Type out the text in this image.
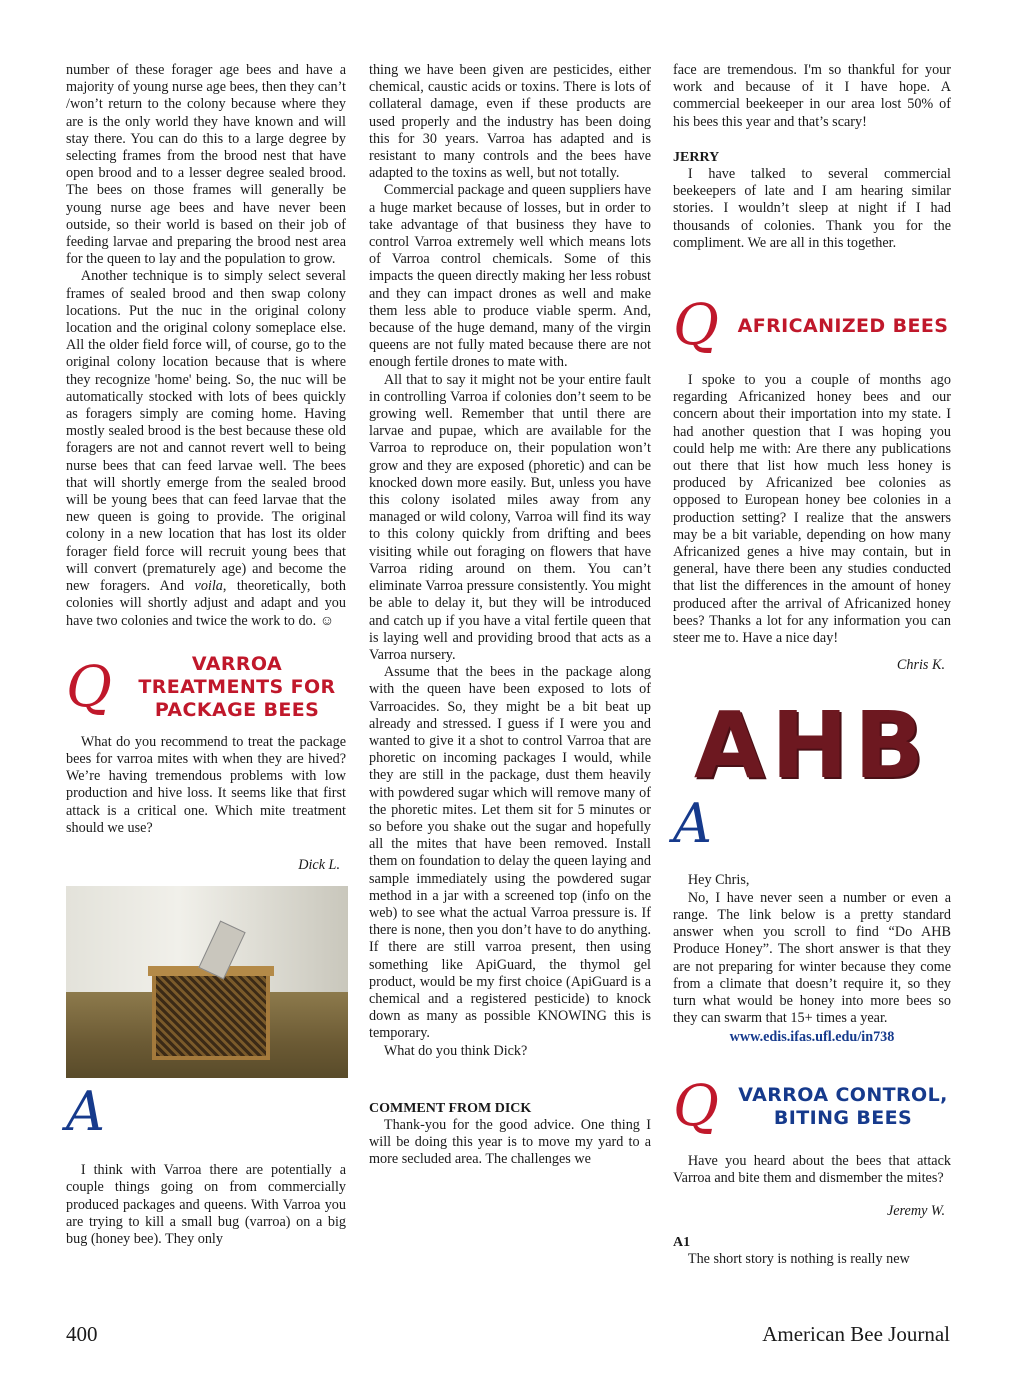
number of these forager age bees and have a majority of young nurse age bees, then they can’t /won’t return to the colony because where they are is the only world they have known and will stay there. You can do this to a large degree by selecting frames from the brood nest that have open brood and to a lesser degree sealed brood. The bees on those frames will generally be young nurse age bees and have never been outside, so their world is based on their job of feeding larvae and preparing the brood nest area for the queen to lay and the population to grow.

Another technique is to simply select several frames of sealed brood and then swap colony locations. Put the nuc in the original colony location and the original colony someplace else. All the older field force will, of course, go to the original colony location because that is where they recognize 'home' being. So, the nuc will be automatically stocked with lots of bees quickly as foragers simply are coming home. Having mostly sealed brood is the best because these old foragers are not and cannot revert well to being nurse bees that can feed larvae well. The bees that will shortly emerge from the sealed brood will be young bees that can feed larvae that the new queen is going to provide. The original colony in a new location that has lost its older forager field force will recruit young bees that will convert (prematurely age) and become the new foragers. And voila, theoretically, both colonies will shortly adjust and adapt and you have two colonies and twice the work to do. ☺

Q	VARROA TREATMENTS FOR PACKAGE BEES

What do you recommend to treat the package bees for varroa mites with when they are hived? We’re having tremendous problems with low production and hive loss. It seems like that first attack is a critical one. Which mite treatment should we use?

Dick L.
A

I think with Varroa there are potentially a couple things going on from commercially produced packages and queens. With Varroa you are trying to kill a small bug (varroa) on a big bug (honey bee). They only

thing we have been given are pesticides, either chemical, caustic acids or toxins. There is lots of collateral damage, even if these products are used properly and the industry has been doing this for 30 years. Varroa has adapted and is resistant to many controls and the bees have adapted to the toxins as well, but not totally.

Commercial package and queen suppliers have a huge market because of losses, but in order to take advantage of that business they have to control Varroa extremely well which means lots of Varroa control chemicals. Some of this impacts the queen directly making her less robust and they can impact drones as well and make them less able to produce viable sperm. And, because of the huge demand, many of the virgin queens are not fully mated because there are not enough fertile drones to mate with.

All that to say it might not be your entire fault in controlling Varroa if colonies don’t seem to be growing well. Remember that until there are larvae and pupae, which are available for the Varroa to reproduce on, their population won’t grow and they are exposed (phoretic) and can be knocked down more easily. But, unless you have this colony isolated miles away from any managed or wild colony, Varroa will find its way to this colony quickly from drifting and bees visiting while out foraging on flowers that have Varroa riding around on them. You can’t eliminate Varroa pressure consistently. You might be able to delay it, but they will be introduced and catch up if you have a vital fertile queen that is laying well and providing brood that acts as a Varroa nursery.

Assume that the bees in the package along with the queen have been exposed to lots of Varroacides. So, they might be a bit beat up already and stressed. I guess if I were you and wanted to give it a shot to control Varroa that are phoretic on incoming packages I would, while they are still in the package, dust them heavily with powdered sugar which will remove many of the phoretic mites. Let them sit for 5 minutes or so before you shake out the sugar and hopefully all the mites that have been removed. Install them on foundation to delay the queen laying and sample immediately using the powdered sugar method in a jar with a screened top (info on the web) to see what the actual Varroa pressure is. If there is none, then you don’t have to do anything. If there are still varroa present, then using something like ApiGuard, the thymol gel product, would be my first choice (ApiGuard is a chemical and a registered pesticide) to knock down as many as possible KNOWING this is temporary.

What do you think Dick?

COMMENT FROM DICK

Thank-you for the good advice. One thing I will be doing this year is to move my yard to a more secluded area. The challenges we

face are tremendous. I'm so thankful for your work and because of it I have hope. A commercial beekeeper in our area lost 50% of his bees this year and that’s scary!

JERRY

I have talked to several commercial beekeepers of late and I am hearing similar stories. I wouldn’t sleep at night if I had thousands of colonies. Thank you for the compliment. We are all in this together.

Q AFRICANIZED BEES

I spoke to you a couple of months ago regarding Africanized honey bees and our concern about their importation into my state. I had another question that I was hoping you could help me with: Are there any publications out there that list how much less honey is produced by Africanized bee colonies as opposed to European honey bee colonies in a production setting? I realize that the answers may be a bit variable, depending on how many Africanized genes a hive may contain, but in general, have there been any studies conducted that list the differences in the amount of honey produced after the arrival of Africanized honey bees? Thanks a lot for any information you can steer me to. Have a nice day!

Chris K.
AHB
A

Hey Chris,

No, I have never seen a number or even a range. The link below is a pretty standard answer when you scroll to find “Do AHB Produce Honey”. The short answer is that they are not preparing for winter because they come from a climate that doesn’t require it, so they turn what would be honey into more bees so they can swarm that 15+ times a year.

www.edis.ifas.ufl.edu/in738
Q	VARROA CONTROL, BITING BEES

Have you heard about the bees that attack Varroa and bite them and dismember the mites?

Jeremy W.
A1

The short story is nothing is really new

400	American Bee Journal
